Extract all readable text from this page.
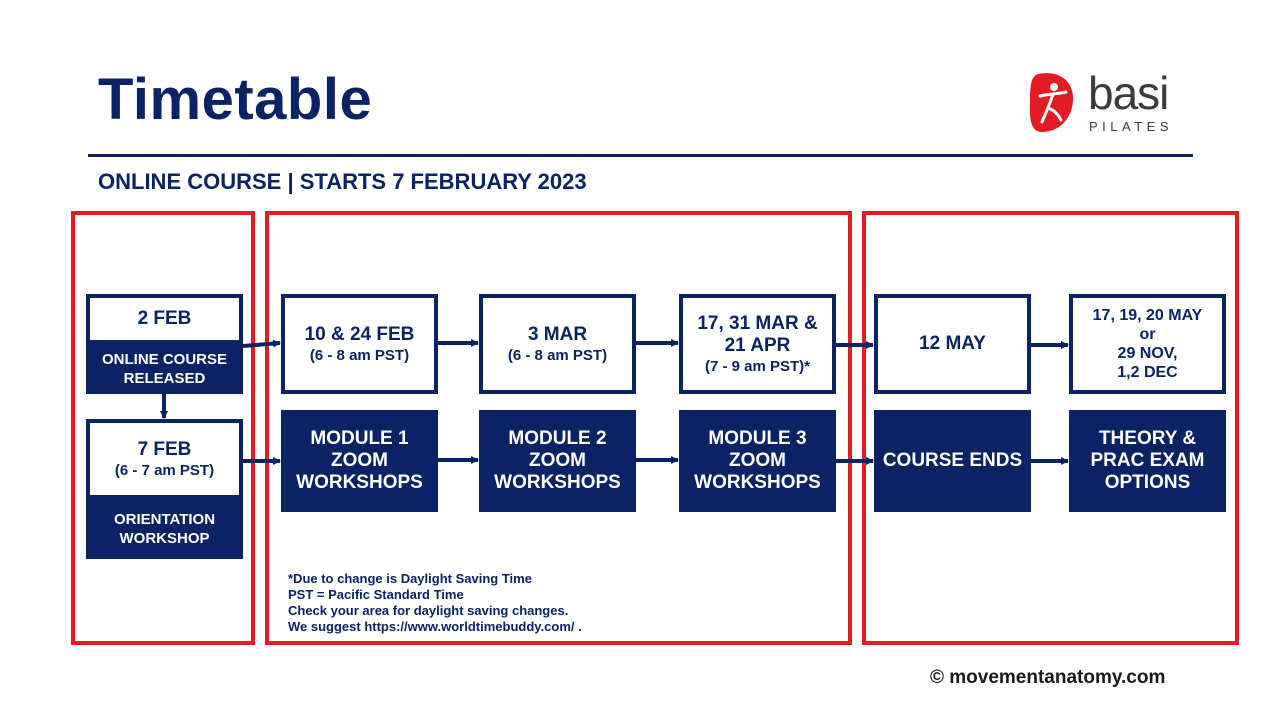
Timetable
ONLINE COURSE | STARTS 7 FEBRUARY 2023
basi
PILATES
2 FEB
ONLINE COURSE
RELEASED
7 FEB
(6 - 7 am PST)
ORIENTATION
WORKSHOP
10 & 24 FEB
(6 - 8 am PST)
MODULE 1
ZOOM
WORKSHOPS
3 MAR
(6 - 8 am PST)
MODULE 2
ZOOM
WORKSHOPS
17, 31 MAR &
21 APR
(7 - 9 am PST)*
MODULE 3
ZOOM
WORKSHOPS
12 MAY
COURSE ENDS
17, 19, 20 MAY
or
29 NOV,
1,2 DEC
THEORY &
PRAC EXAM
OPTIONS
*Due to change is Daylight Saving Time
PST = Pacific Standard Time
Check your area for daylight saving changes.
We suggest https://www.worldtimebuddy.com/ .
© movementanatomy.com
